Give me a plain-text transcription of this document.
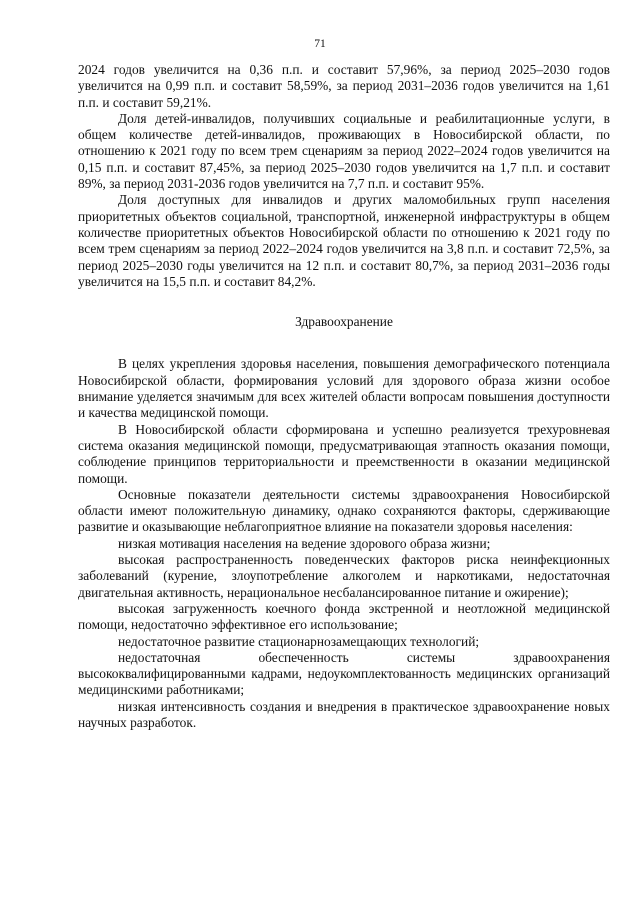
71

2024 годов увеличится на 0,36 п.п. и составит 57,96%, за период 2025–2030 годов увеличится на 0,99 п.п. и составит 58,59%, за период 2031–2036 годов увеличится на 1,61 п.п. и составит 59,21%.

Доля детей-инвалидов, получивших социальные и реабилитационные услуги, в общем количестве детей-инвалидов, проживающих в Новосибирской области, по отношению к 2021 году по всем трем сценариям за период 2022–2024 годов увеличится на 0,15 п.п. и составит 87,45%, за период 2025–2030 годов увеличится на 1,7 п.п. и составит 89%, за период 2031-2036 годов увеличится на 7,7 п.п. и составит 95%.

Доля доступных для инвалидов и других маломобильных групп населения приоритетных объектов социальной, транспортной, инженерной инфраструктуры в общем количестве приоритетных объектов Новосибирской области по отношению к 2021 году по всем трем сценариям за период 2022–2024 годов увеличится на 3,8 п.п. и составит 72,5%, за период 2025–2030 годы увеличится на 12 п.п. и составит 80,7%, за период 2031–2036 годы увеличится на 15,5 п.п. и составит 84,2%.

Здравоохранение

В целях укрепления здоровья населения, повышения демографического потенциала Новосибирской области, формирования условий для здорового образа жизни особое внимание уделяется значимым для всех жителей области вопросам повышения доступности и качества медицинской помощи.

В Новосибирской области сформирована и успешно реализуется трехуровневая система оказания медицинской помощи, предусматривающая этапность оказания помощи, соблюдение принципов территориальности и преемственности в оказании медицинской помощи.

Основные показатели деятельности системы здравоохранения Новосибирской области имеют положительную динамику, однако сохраняются факторы, сдерживающие развитие и оказывающие неблагоприятное влияние на показатели здоровья населения:

низкая мотивация населения на ведение здорового образа жизни;

высокая распространенность поведенческих факторов риска неинфекционных заболеваний (курение, злоупотребление алкоголем и наркотиками, недостаточная двигательная активность, нерациональное несбалансированное питание и ожирение);

высокая загруженность коечного фонда экстренной и неотложной медицинской помощи, недостаточно эффективное его использование;

недостаточное развитие стационарнозамещающих технологий;

недостаточная обеспеченность системы здравоохранения высококвалифицированными кадрами, недоукомплектованность медицинских организаций медицинскими работниками;

низкая интенсивность создания и внедрения в практическое здравоохранение новых научных разработок.
